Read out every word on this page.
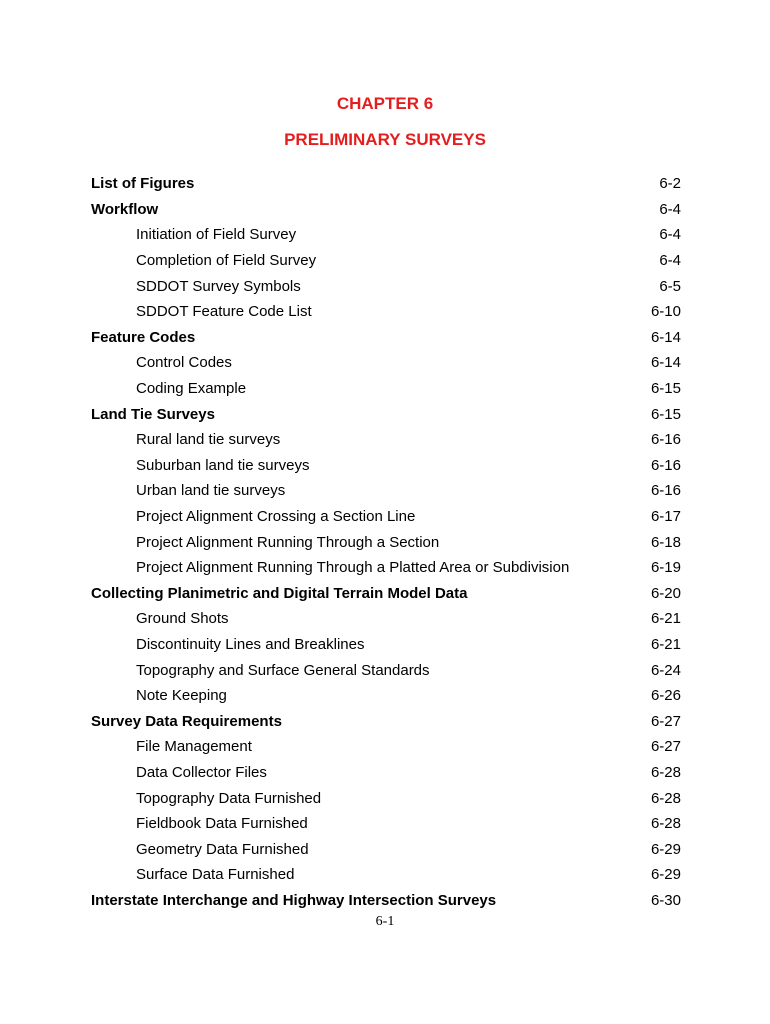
CHAPTER 6
PRELIMINARY SURVEYS
List of Figures	6-2
Workflow	6-4
Initiation of Field Survey	6-4
Completion of Field Survey	6-4
SDDOT Survey Symbols	6-5
SDDOT Feature Code List	6-10
Feature Codes	6-14
Control Codes	6-14
Coding Example	6-15
Land Tie Surveys	6-15
Rural land tie surveys	6-16
Suburban land tie surveys	6-16
Urban land tie surveys	6-16
Project Alignment Crossing a Section Line	6-17
Project Alignment Running Through a Section	6-18
Project Alignment Running Through a Platted Area or Subdivision	6-19
Collecting Planimetric and Digital Terrain Model Data	6-20
Ground Shots	6-21
Discontinuity Lines and Breaklines	6-21
Topography and Surface General Standards	6-24
Note Keeping	6-26
Survey Data Requirements	6-27
File Management	6-27
Data Collector Files	6-28
Topography Data Furnished	6-28
Fieldbook Data Furnished	6-28
Geometry Data Furnished	6-29
Surface Data Furnished	6-29
Interstate Interchange and Highway Intersection Surveys	6-30
6-1
